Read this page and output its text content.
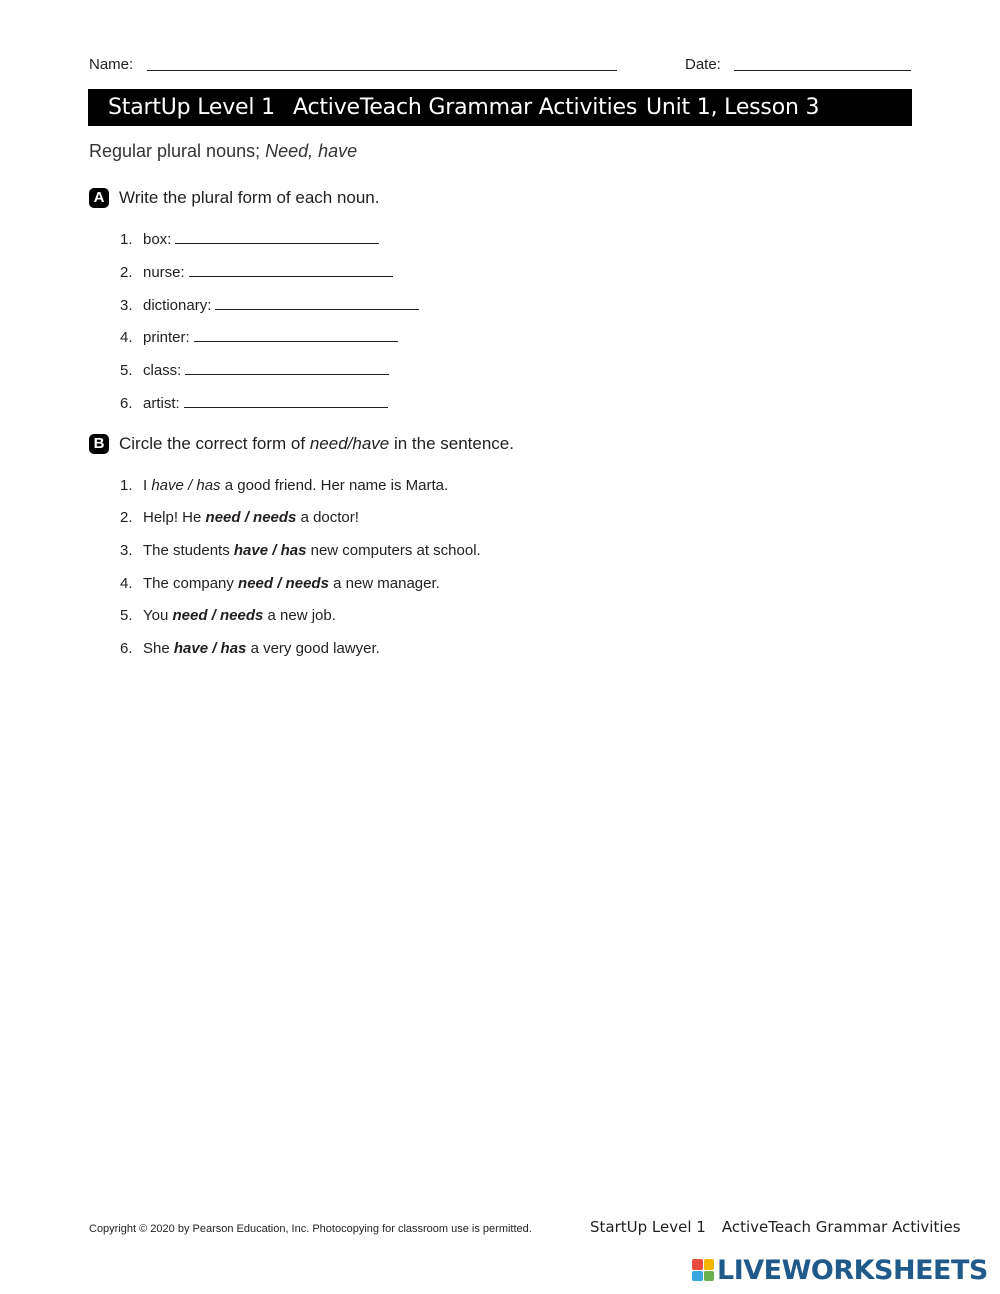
Name:	Date:
StartUp Level 1 ActiveTeach Grammar Activities Unit 1, Lesson 3
Regular plural nouns; Need, have
A Write the plural form of each noun.
1. box:
2. nurse:
3. dictionary:
4. printer:
5. class:
6. artist:
B Circle the correct form of need/have in the sentence.
1. I have / has a good friend. Her name is Marta.
2. Help! He need / needs a doctor!
3. The students have / has new computers at school.
4. The company need / needs a new manager.
5. You need / needs a new job.
6. She have / has a very good lawyer.
Copyright © 2020 by Pearson Education, Inc. Photocopying for classroom use is permitted.	StartUp Level 1 ActiveTeach Grammar Activities
LIVEWORKSHEETS
